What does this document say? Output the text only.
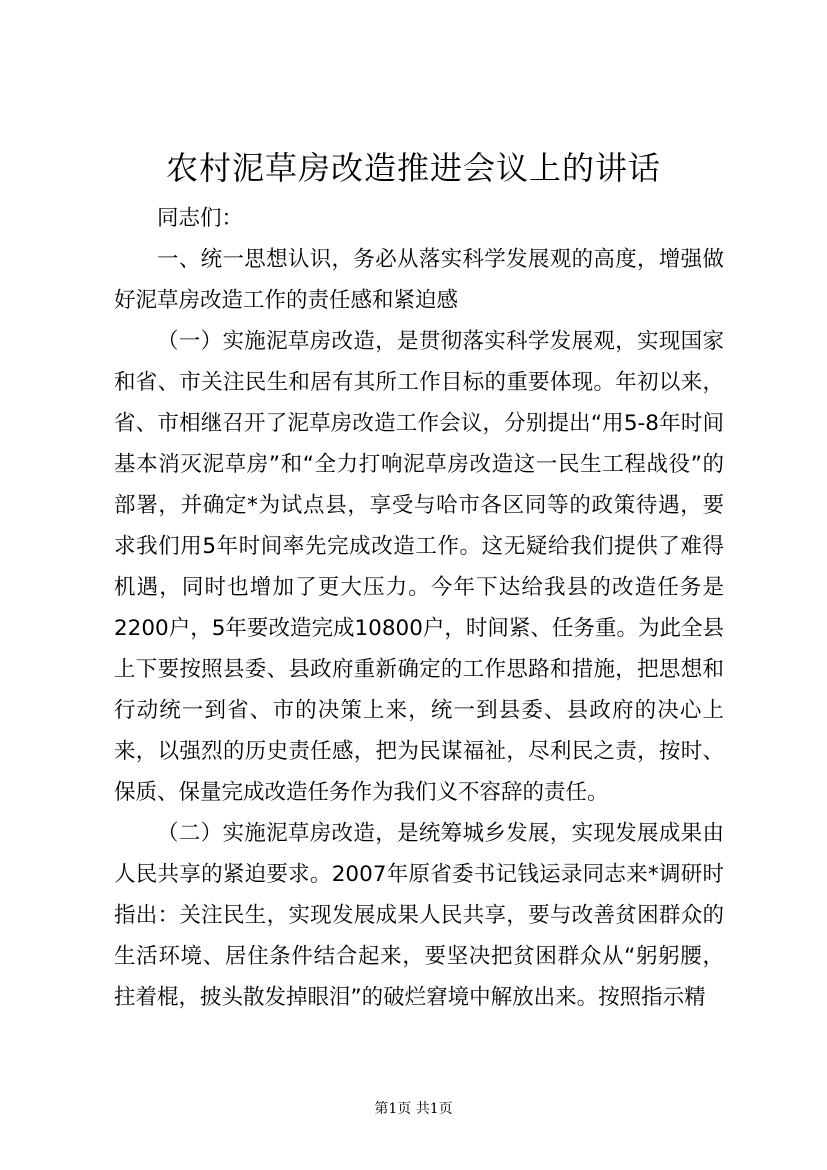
农村泥草房改造推进会议上的讲话

同志们：

一、统一思想认识，务必从落实科学发展观的高度，增强做好泥草房改造工作的责任感和紧迫感

（一）实施泥草房改造，是贯彻落实科学发展观，实现国家和省、市关注民生和居有其所工作目标的重要体现。年初以来，省、市相继召开了泥草房改造工作会议，分别提出“用5-8年时间基本消灭泥草房”和“全力打响泥草房改造这一民生工程战役”的部署，并确定*为试点县，享受与哈市各区同等的政策待遇，要求我们用5年时间率先完成改造工作。这无疑给我们提供了难得机遇，同时也增加了更大压力。今年下达给我县的改造任务是2200户，5年要改造完成10800户，时间紧、任务重。为此全县上下要按照县委、县政府重新确定的工作思路和措施，把思想和行动统一到省、市的决策上来，统一到县委、县政府的决心上来，以强烈的历史责任感，把为民谋福祉，尽利民之责，按时、保质、保量完成改造任务作为我们义不容辞的责任。

（二）实施泥草房改造，是统筹城乡发展，实现发展成果由人民共享的紧迫要求。2007年原省委书记钱运录同志来*调研时指出：关注民生，实现发展成果人民共享，要与改善贫困群众的生活环境、居住条件结合起来，要坚决把贫困群众从“躬躬腰，拄着棍，披头散发掉眼泪”的破烂窘境中解放出来。按照指示精

第1页 共1页
